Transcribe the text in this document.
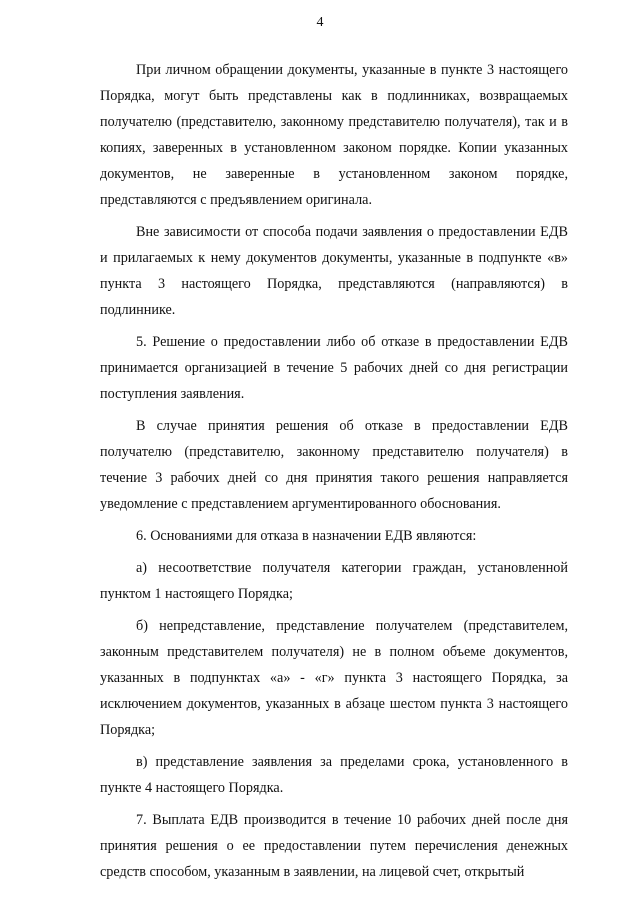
4

При личном обращении документы, указанные в пункте 3 настоящего Порядка, могут быть представлены как в подлинниках, возвращаемых получателю (представителю, законному представителю получателя), так и в копиях, заверенных в установленном законом порядке. Копии указанных документов, не заверенные в установленном законом порядке, представляются с предъявлением оригинала.

Вне зависимости от способа подачи заявления о предоставлении ЕДВ и прилагаемых к нему документов документы, указанные в подпункте «в» пункта 3 настоящего Порядка, представляются (направляются) в подлиннике.

5. Решение о предоставлении либо об отказе в предоставлении ЕДВ принимается организацией в течение 5 рабочих дней со дня регистрации поступления заявления.

В случае принятия решения об отказе в предоставлении ЕДВ получателю (представителю, законному представителю получателя) в течение 3 рабочих дней со дня принятия такого решения направляется уведомление с представлением аргументированного обоснования.

6. Основаниями для отказа в назначении ЕДВ являются:

а) несоответствие получателя категории граждан, установленной пунктом 1 настоящего Порядка;

б) непредставление, представление получателем (представителем, законным представителем получателя) не в полном объеме документов, указанных в подпунктах «а» - «г» пункта 3 настоящего Порядка, за исключением документов, указанных в абзаце шестом пункта 3 настоящего Порядка;

в) представление заявления за пределами срока, установленного в пункте 4 настоящего Порядка.

7. Выплата ЕДВ производится в течение 10 рабочих дней после дня принятия решения о ее предоставлении путем перечисления денежных средств способом, указанным в заявлении, на лицевой счет, открытый
